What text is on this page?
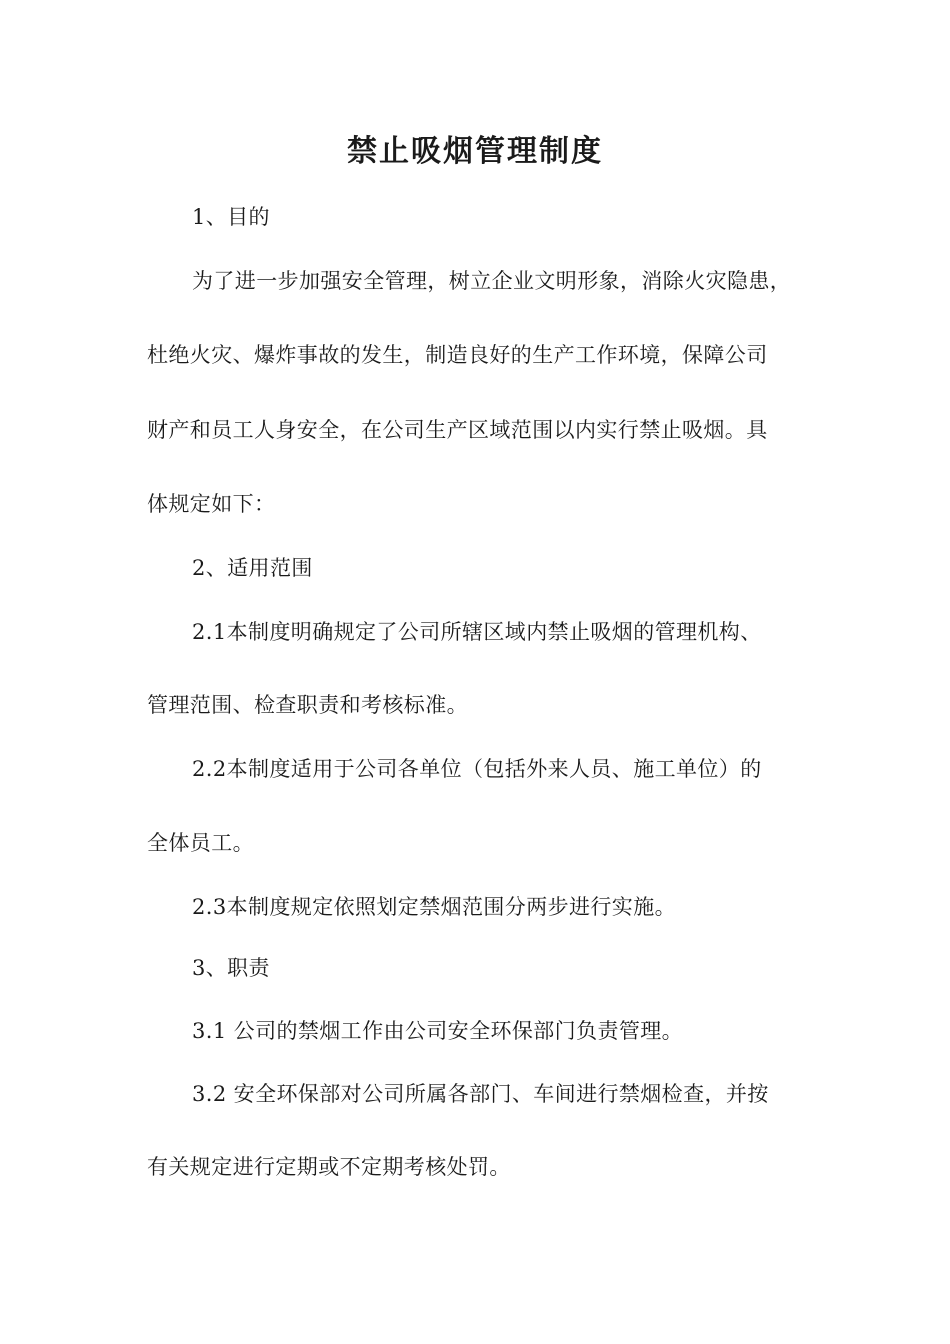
禁止吸烟管理制度
1、目的
为了进一步加强安全管理，树立企业文明形象，消除火灾隐患，
杜绝火灾、爆炸事故的发生，制造良好的生产工作环境，保障公司
财产和员工人身安全，在公司生产区域范围以内实行禁止吸烟。具
体规定如下：
2、适用范围
2.1本制度明确规定了公司所辖区域内禁止吸烟的管理机构、
管理范围、检查职责和考核标准。
2.2本制度适用于公司各单位（包括外来人员、施工单位）的
全体员工。
2.3本制度规定依照划定禁烟范围分两步进行实施。
3、职责
3.1 公司的禁烟工作由公司安全环保部门负责管理。
3.2 安全环保部对公司所属各部门、车间进行禁烟检查，并按
有关规定进行定期或不定期考核处罚。
